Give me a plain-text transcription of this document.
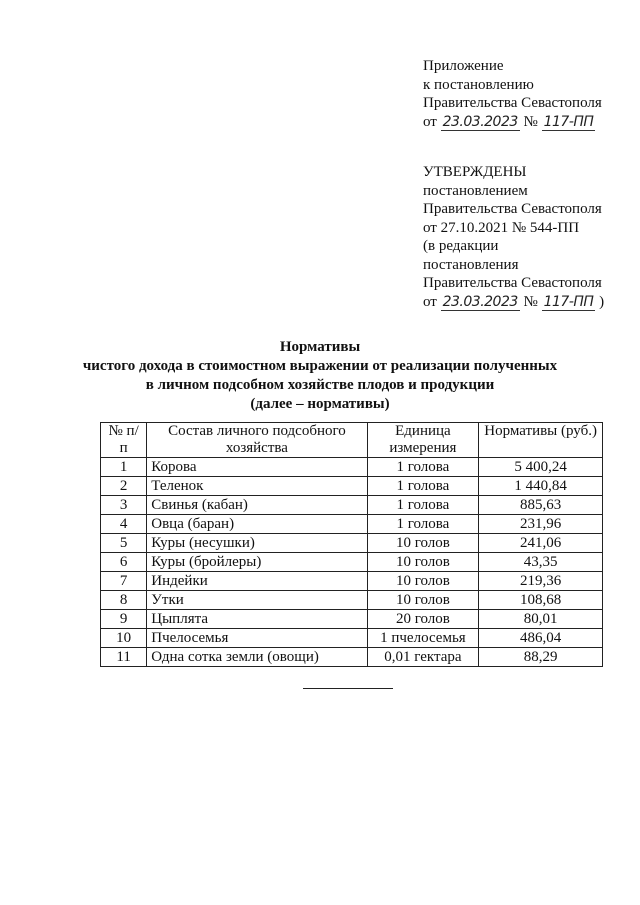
Приложение
к постановлению
Правительства Севастополя
от 23.03.2023 № 117-ПП
УТВЕРЖДЕНЫ
постановлением
Правительства Севастополя
от 27.10.2021 № 544-ПП
(в редакции
постановления
Правительства Севастополя
от 23.03.2023 № 117-ПП )
Нормативы
чистого дохода в стоимостном выражении от реализации полученных
в личном подсобном хозяйстве плодов и продукции
(далее – нормативы)
№ п/п	Состав личного подсобного хозяйства	Единица измерения	Нормативы (руб.)
1	Корова	1 голова	5 400,24
2	Теленок	1 голова	1 440,84
3	Свинья (кабан)	1 голова	885,63
4	Овца (баран)	1 голова	231,96
5	Куры (несушки)	10 голов	241,06
6	Куры (бройлеры)	10 голов	43,35
7	Индейки	10 голов	219,36
8	Утки	10 голов	108,68
9	Цыплята	20 голов	80,01
10	Пчелосемья	1 пчелосемья	486,04
11	Одна сотка земли (овощи)	0,01 гектара	88,29
